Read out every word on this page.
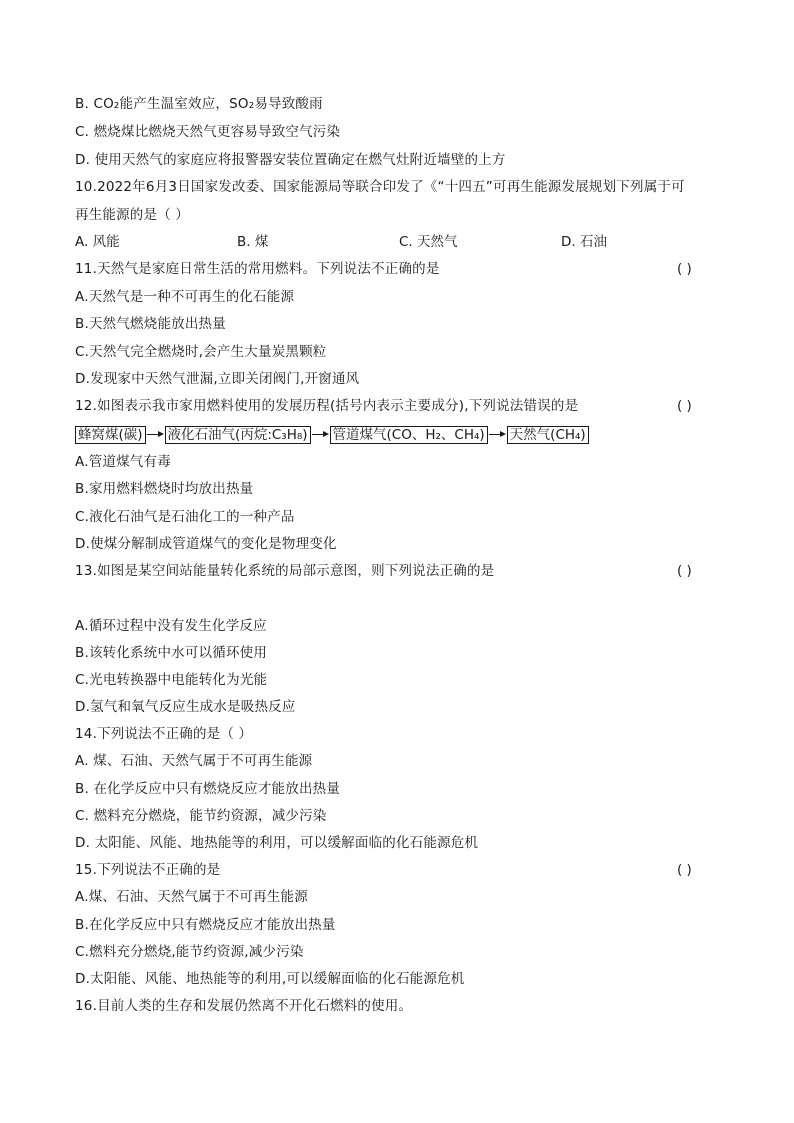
B. CO₂能产生温室效应，SO₂易导致酸雨
C. 燃烧煤比燃烧天然气更容易导致空气污染
D. 使用天然气的家庭应将报警器安装位置确定在燃气灶附近墙壁的上方
10.2022年6月3日国家发改委、国家能源局等联合印发了《“十四五”可再生能源发展规划下列属于可
再生能源的是（ ）
A. 风能	B. 煤	C. 天然气	D. 石油
11.天然气是家庭日常生活的常用燃料。下列说法不正确的是	( )
A.天然气是一种不可再生的化石能源
B.天然气燃烧能放出热量
C.天然气完全燃烧时,会产生大量炭黑颗粒
D.发现家中天然气泄漏,立即关闭阀门,开窗通风
12.如图表示我市家用燃料使用的发展历程(括号内表示主要成分),下列说法错误的是	( )
蜂窝煤(碳) 液化石油气(丙烷:C₃H₈) 管道煤气(CO、H₂、CH₄) 天然气(CH₄)
A.管道煤气有毒
B.家用燃料燃烧时均放出热量
C.液化石油气是石油化工的一种产品
D.使煤分解制成管道煤气的变化是物理变化
13.如图是某空间站能量转化系统的局部示意图，则下列说法正确的是	( )
A.循环过程中没有发生化学反应
B.该转化系统中水可以循环使用
C.光电转换器中电能转化为光能
D.氢气和氧气反应生成水是吸热反应
14.下列说法不正确的是（ ）
A. 煤、石油、天然气属于不可再生能源
B. 在化学反应中只有燃烧反应才能放出热量
C. 燃料充分燃烧，能节约资源，减少污染
D. 太阳能、风能、地热能等的利用，可以缓解面临的化石能源危机
15.下列说法不正确的是	( )
A.煤、石油、天然气属于不可再生能源
B.在化学反应中只有燃烧反应才能放出热量
C.燃料充分燃烧,能节约资源,减少污染
D.太阳能、风能、地热能等的利用,可以缓解面临的化石能源危机
16.目前人类的生存和发展仍然离不开化石燃料的使用。
